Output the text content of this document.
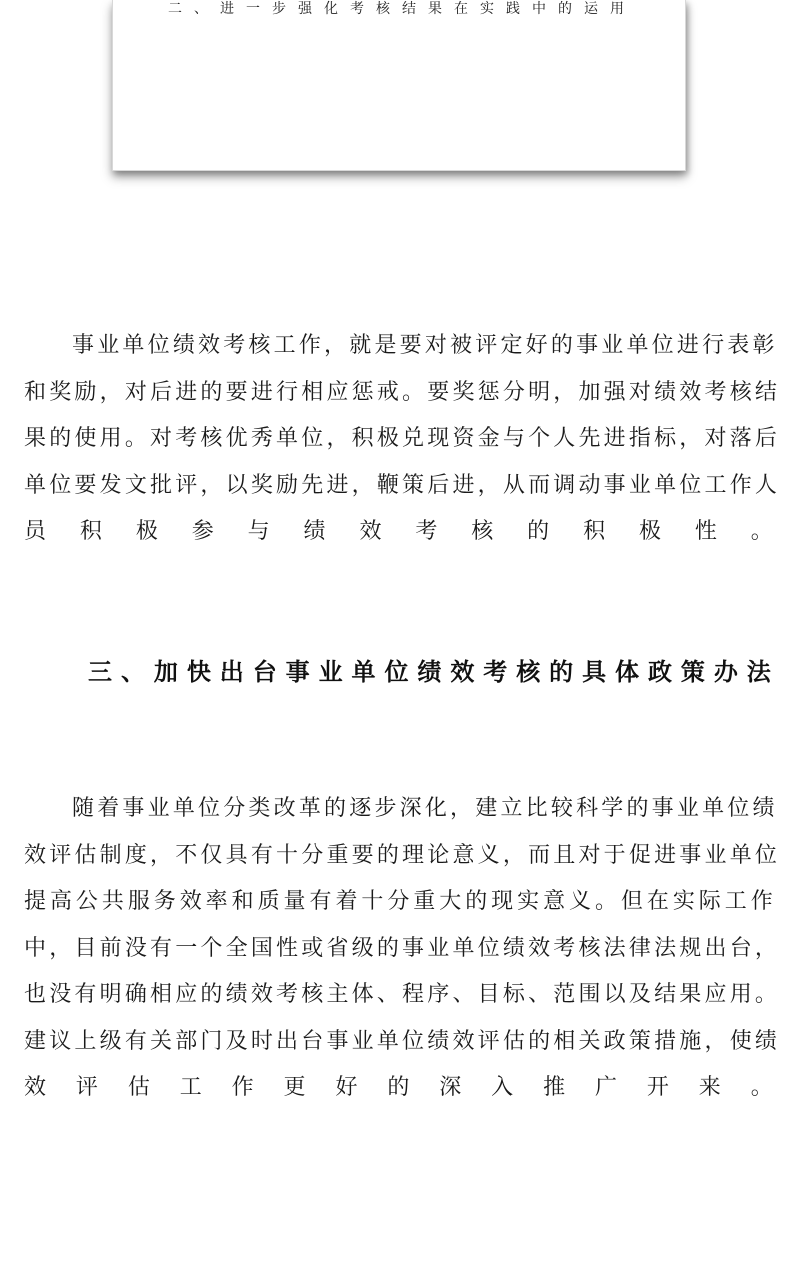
二 、 进 一 步 强 化 考 核 结 果 在 实 践 中 的 运 用
事 业 单 位 绩 效 考 核 工 作 ， 就 是 要 对 被 评 定 好 的 事 业 单 位 进 行 表 彰
和 奖 励 ， 对 后 进 的 要 进 行 相 应 惩 戒 。 要 奖 惩 分 明 ， 加 强 对 绩 效 考 核 结
果 的 使 用 。 对 考 核 优 秀 单 位 ， 积 极 兑 现 资 金 与 个 人 先 进 指 标 ， 对 落 后
单 位 要 发 文 批 评 ， 以 奖 励 先 进 ， 鞭 策 后 进 ， 从 而 调 动 事 业 单 位 工 作 人
员 积 极 参 与 绩 效 考 核 的 积 极 性 。
三 、 加 快 出 台 事 业 单 位 绩 效 考 核 的 具 体 政 策 办 法
随 着 事 业 单 位 分 类 改 革 的 逐 步 深 化 ， 建 立 比 较 科 学 的 事 业 单 位 绩
效 评 估 制 度 ， 不 仅 具 有 十 分 重 要 的 理 论 意 义 ， 而 且 对 于 促 进 事 业 单 位
提 高 公 共 服 务 效 率 和 质 量 有 着 十 分 重 大 的 现 实 意 义 。 但 在 实 际 工 作
中 ， 目 前 没 有 一 个 全 国 性 或 省 级 的 事 业 单 位 绩 效 考 核 法 律 法 规 出 台 ，
也 没 有 明 确 相 应 的 绩 效 考 核 主 体 、 程 序 、 目 标 、 范 围 以 及 结 果 应 用 。
建 议 上 级 有 关 部 门 及 时 出 台 事 业 单 位 绩 效 评 估 的 相 关 政 策 措 施 ， 使 绩
效 评 估 工 作 更 好 的 深 入 推 广 开 来 。
